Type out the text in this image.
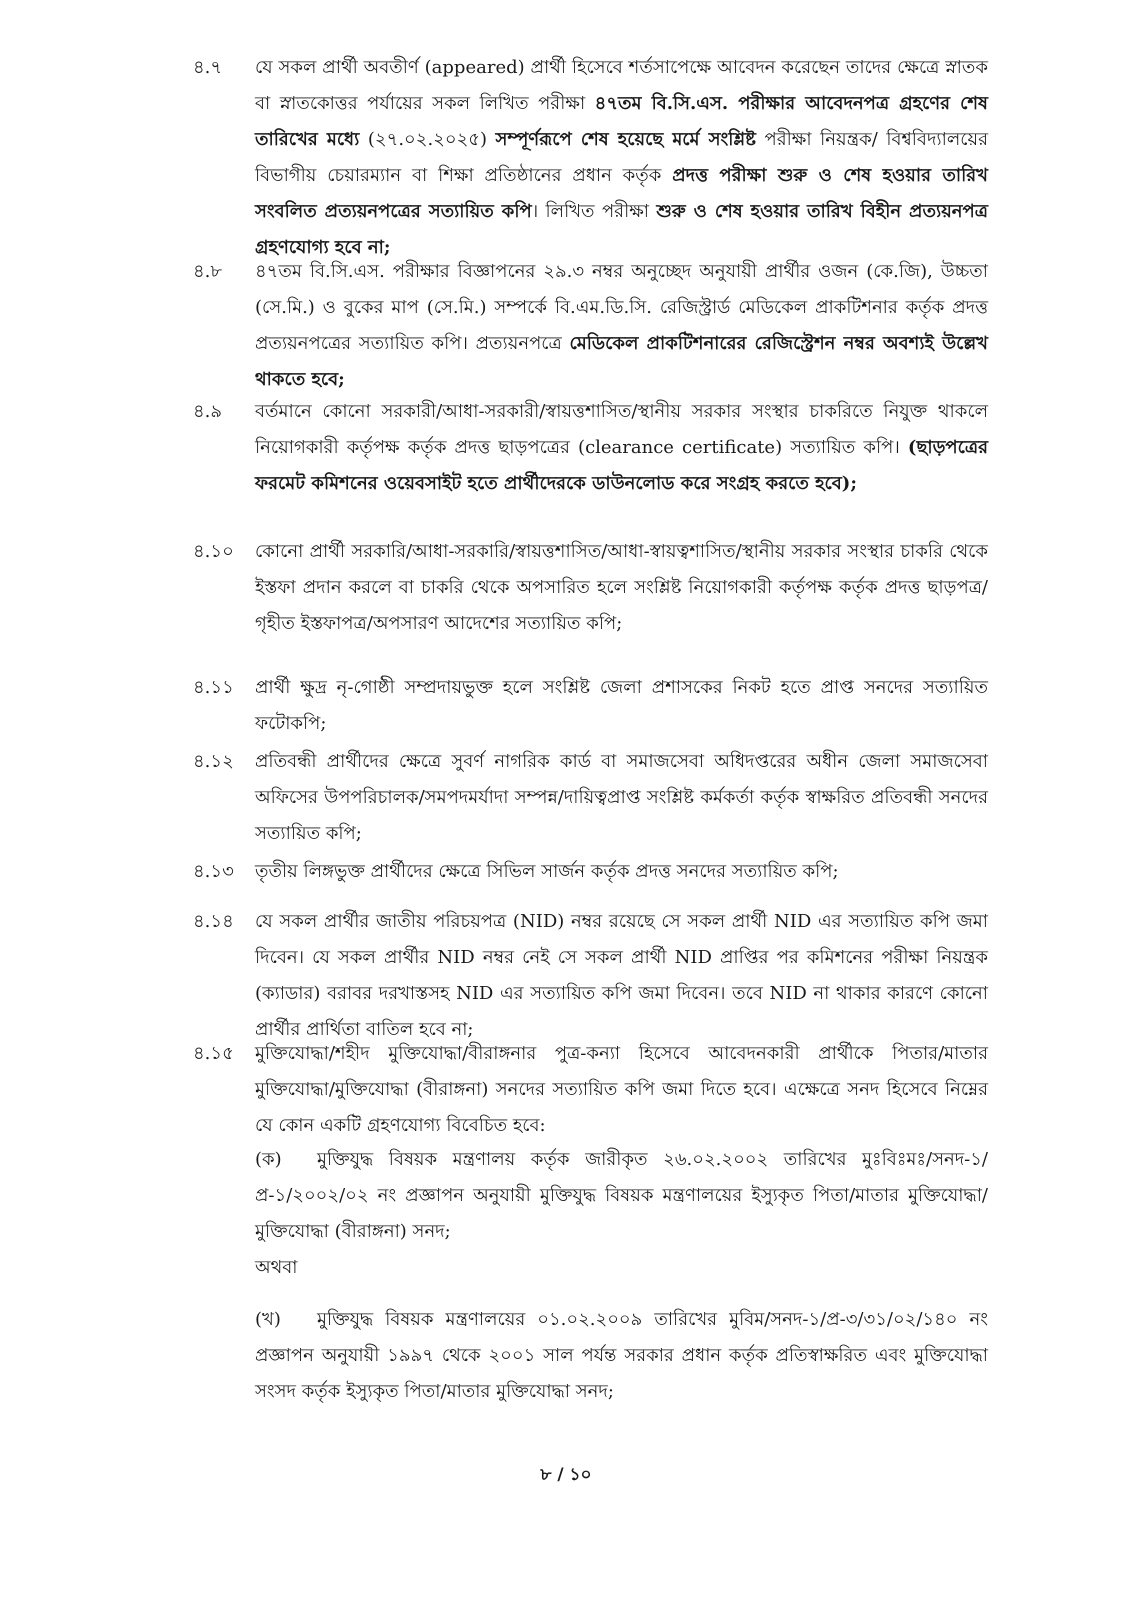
৪.৭	যে সকল প্রার্থী অবতীর্ণ (appeared) প্রার্থী হিসেবে শর্তসাপেক্ষে আবেদন করেছেন তাদের ক্ষেত্রে স্নাতক বা স্নাতকোত্তর পর্যায়ের সকল লিখিত পরীক্ষা ৪৭তম বি.সি.এস. পরীক্ষার আবেদনপত্র গ্রহণের শেষ তারিখের মধ্যে (২৭.০২.২০২৫) সম্পূর্ণরূপে শেষ হয়েছে মর্মে সংশ্লিষ্ট পরীক্ষা নিয়ন্ত্রক/ বিশ্ববিদ্যালয়ের বিভাগীয় চেয়ারম্যান বা শিক্ষা প্রতিষ্ঠানের প্রধান কর্তৃক প্রদত্ত পরীক্ষা শুরু ও শেষ হওয়ার তারিখ সংবলিত প্রত্যয়নপত্রের সত্যায়িত কপি। লিখিত পরীক্ষা শুরু ও শেষ হওয়ার তারিখ বিহীন প্রত্যয়নপত্র গ্রহণযোগ্য হবে না;
৪.৮	৪৭তম বি.সি.এস. পরীক্ষার বিজ্ঞাপনের ২৯.৩ নম্বর অনুচ্ছেদ অনুযায়ী প্রার্থীর ওজন (কে.জি), উচ্চতা (সে.মি.) ও বুকের মাপ (সে.মি.) সম্পর্কে বি.এম.ডি.সি. রেজিস্ট্রার্ড মেডিকেল প্রাকটিশনার কর্তৃক প্রদত্ত প্রত্যয়নপত্রের সত্যায়িত কপি। প্রত্যয়নপত্রে মেডিকেল প্রাকটিশনারের রেজিস্ট্রেশন নম্বর অবশ্যই উল্লেখ থাকতে হবে;
৪.৯	বর্তমানে কোনো সরকারী/আধা-সরকারী/স্বায়ত্তশাসিত/স্থানীয় সরকার সংস্থার চাকরিতে নিযুক্ত থাকলে নিয়োগকারী কর্তৃপক্ষ কর্তৃক প্রদত্ত ছাড়পত্রের (clearance certificate) সত্যায়িত কপি। (ছাড়পত্রের ফরমেট কমিশনের ওয়েবসাইট হতে প্রার্থীদেরকে ডাউনলোড করে সংগ্রহ করতে হবে);
৪.১০	কোনো প্রার্থী সরকারি/আধা-সরকারি/স্বায়ত্তশাসিত/আধা-স্বায়ত্বশাসিত/স্থানীয় সরকার সংস্থার চাকরি থেকে ইস্তফা প্রদান করলে বা চাকরি থেকে অপসারিত হলে সংশ্লিষ্ট নিয়োগকারী কর্তৃপক্ষ কর্তৃক প্রদত্ত ছাড়পত্র/গৃহীত ইস্তফাপত্র/অপসারণ আদেশের সত্যায়িত কপি;
৪.১১	প্রার্থী ক্ষুদ্র নৃ-গোষ্ঠী সম্প্রদায়ভুক্ত হলে সংশ্লিষ্ট জেলা প্রশাসকের নিকট হতে প্রাপ্ত সনদের সত্যায়িত ফটোকপি;
৪.১২	প্রতিবন্ধী প্রার্থীদের ক্ষেত্রে সুবর্ণ নাগরিক কার্ড বা সমাজসেবা অধিদপ্তরের অধীন জেলা সমাজসেবা অফিসের উপপরিচালক/সমপদমর্যাদা সম্পন্ন/দায়িত্বপ্রাপ্ত সংশ্লিষ্ট কর্মকর্তা কর্তৃক স্বাক্ষরিত প্রতিবন্ধী সনদের সত্যায়িত কপি;
৪.১৩	তৃতীয় লিঙ্গভুক্ত প্রার্থীদের ক্ষেত্রে সিভিল সার্জন কর্তৃক প্রদত্ত সনদের সত্যায়িত কপি;
৪.১৪	যে সকল প্রার্থীর জাতীয় পরিচয়পত্র (NID) নম্বর রয়েছে সে সকল প্রার্থী NID এর সত্যায়িত কপি জমা দিবেন। যে সকল প্রার্থীর NID নম্বর নেই সে সকল প্রার্থী NID প্রাপ্তির পর কমিশনের পরীক্ষা নিয়ন্ত্রক (ক্যাডার) বরাবর দরখাস্তসহ NID এর সত্যায়িত কপি জমা দিবেন। তবে NID না থাকার কারণে কোনো প্রার্থীর প্রার্থিতা বাতিল হবে না;
৪.১৫	মুক্তিযোদ্ধা/শহীদ মুক্তিযোদ্ধা/বীরাঙ্গনার পুত্র-কন্যা হিসেবে আবেদনকারী প্রার্থীকে পিতার/মাতার মুক্তিযোদ্ধা/মুক্তিযোদ্ধা (বীরাঙ্গনা) সনদের সত্যায়িত কপি জমা দিতে হবে। এক্ষেত্রে সনদ হিসেবে নিম্নের যে কোন একটি গ্রহণযোগ্য বিবেচিত হবে:
(ক) মুক্তিযুদ্ধ বিষয়ক মন্ত্রণালয় কর্তৃক জারীকৃত ২৬.০২.২০০২ তারিখের মুঃবিঃমঃ/সনদ-১/ প্র-১/২০০২/০২ নং প্রজ্ঞাপন অনুযায়ী মুক্তিযুদ্ধ বিষয়ক মন্ত্রণালয়ের ইস্যুকৃত পিতা/মাতার মুক্তিযোদ্ধা/ মুক্তিযোদ্ধা (বীরাঙ্গনা) সনদ;
অথবা
(খ) মুক্তিযুদ্ধ বিষয়ক মন্ত্রণালয়ের ০১.০২.২০০৯ তারিখের মুবিম/সনদ-১/প্র-৩/৩১/০২/১৪০ নং প্রজ্ঞাপন অনুযায়ী ১৯৯৭ থেকে ২০০১ সাল পর্যন্ত সরকার প্রধান কর্তৃক প্রতিস্বাক্ষরিত এবং মুক্তিযোদ্ধা সংসদ কর্তৃক ইস্যুকৃত পিতা/মাতার মুক্তিযোদ্ধা সনদ;
৮ / ১০
